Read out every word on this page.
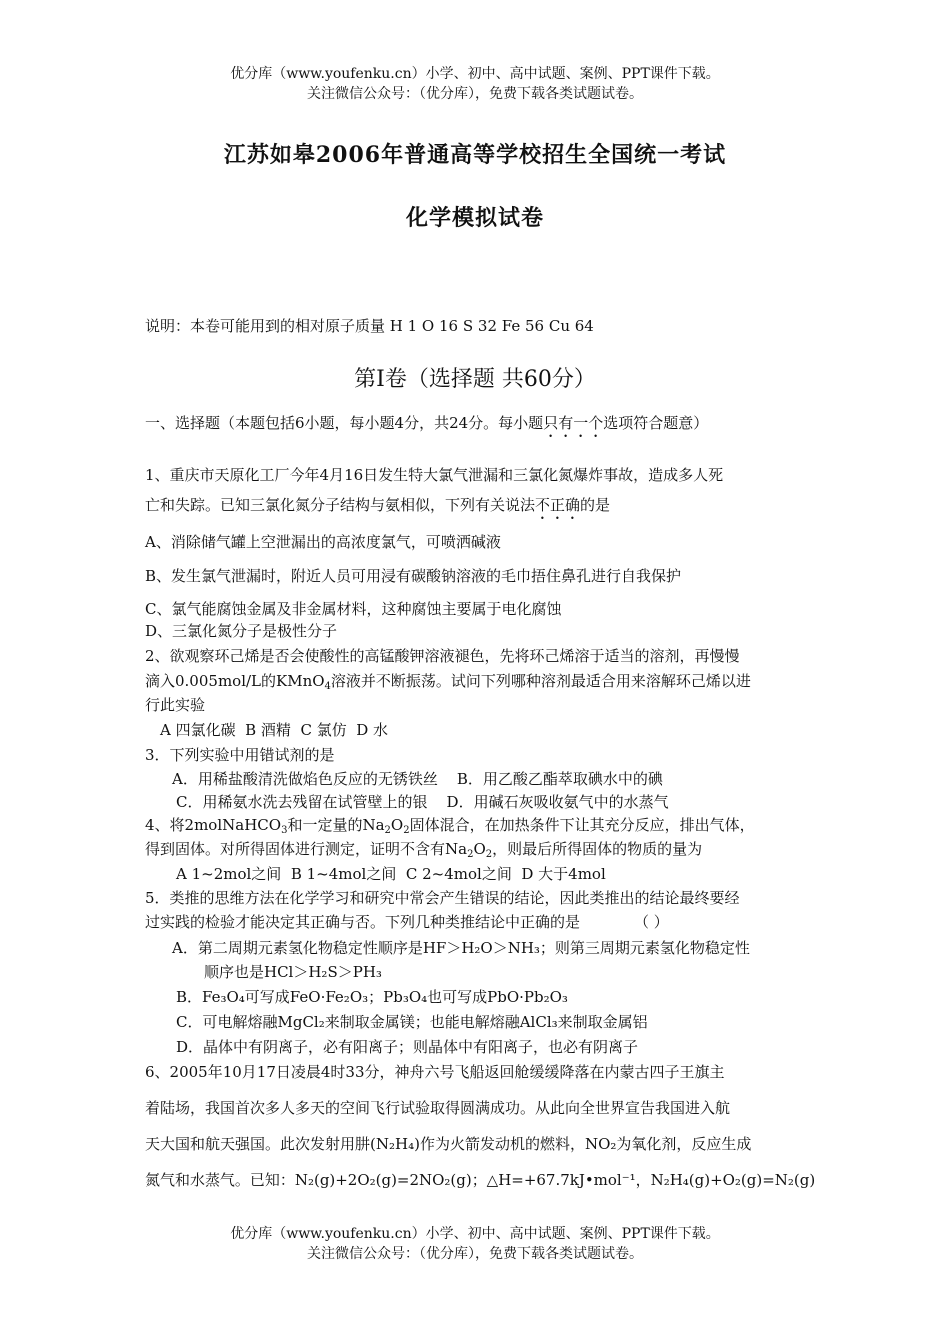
优分库（www.youfenku.cn）小学、初中、高中试题、案例、PPT课件下载。
关注微信公众号：（优分库），免费下载各类试题试卷。
江苏如皋2006年普通高等学校招生全国统一考试
化学模拟试卷
说明：本卷可能用到的相对原子质量 H 1 O 16 S 32 Fe 56 Cu 64
第Ⅰ卷（选择题 共60分）
一、选择题（本题包括6小题，每小题4分，共24分。每小题只有一个选项符合题意）
1、重庆市天原化工厂今年4月16日发生特大氯气泄漏和三氯化氮爆炸事故，造成多人死
亡和失踪。已知三氯化氮分子结构与氨相似，下列有关说法不正确的是
A、消除储气罐上空泄漏出的高浓度氯气，可喷洒碱液
B、发生氯气泄漏时，附近人员可用浸有碳酸钠溶液的毛巾捂住鼻孔进行自我保护
C、氯气能腐蚀金属及非金属材料，这种腐蚀主要属于电化腐蚀
D、三氯化氮分子是极性分子
2、欲观察环己烯是否会使酸性的高锰酸钾溶液褪色，先将环己烯溶于适当的溶剂，再慢慢
滴入0.005mol/L的KMnO$_4$溶液并不断振荡。试问下列哪种溶剂最适合用来溶解环己烯以进
行此实验
A 四氯化碳  B 酒精  C 氯仿  D 水
3．下列实验中用错试剂的是
A．用稀盐酸清洗做焰色反应的无锈铁丝    B．用乙酸乙酯萃取碘水中的碘
C．用稀氨水洗去残留在试管壁上的银    D．用碱石灰吸收氨气中的水蒸气
4、将2molNaHCO$_3$和一定量的$Na_2O_2$固体混合，在加热条件下让其充分反应，排出气体，
得到固体。对所得固体进行测定，证明不含有$Na_2O_2$，则最后所得固体的物质的量为
A 1~2mol之间  B 1~4mol之间  C 2~4mol之间  D 大于4mol
5．类推的思维方法在化学学习和研究中常会产生错误的结论，因此类推出的结论最终要经
过实践的检验才能决定其正确与否。下列几种类推结论中正确的是	（ ）
A．第二周期元素氢化物稳定性顺序是HF＞H₂O＞NH₃；则第三周期元素氢化物稳定性
顺序也是HCl＞H₂S＞PH₃
B．Fe₃O₄可写成FeO·Fe₂O₃；Pb₃O₄也可写成PbO·Pb₂O₃
C．可电解熔融MgCl₂来制取金属镁；也能电解熔融AlCl₃来制取金属铝
D．晶体中有阴离子，必有阳离子；则晶体中有阳离子，也必有阴离子
6、2005年10月17日凌晨4时33分，神舟六号飞船返回舱缓缓降落在内蒙古四子王旗主
着陆场，我国首次多人多天的空间飞行试验取得圆满成功。从此向全世界宣告我国进入航
天大国和航天强国。此次发射用肼(N₂H₄)作为火箭发动机的燃料，NO₂为氧化剂，反应生成
氮气和水蒸气。已知：N₂(g)+2O₂(g)=2NO₂(g)；△H=+67.7kJ•mol⁻¹，N₂H₄(g)+O₂(g)=N₂(g)
优分库（www.youfenku.cn）小学、初中、高中试题、案例、PPT课件下载。
关注微信公众号：（优分库），免费下载各类试题试卷。
